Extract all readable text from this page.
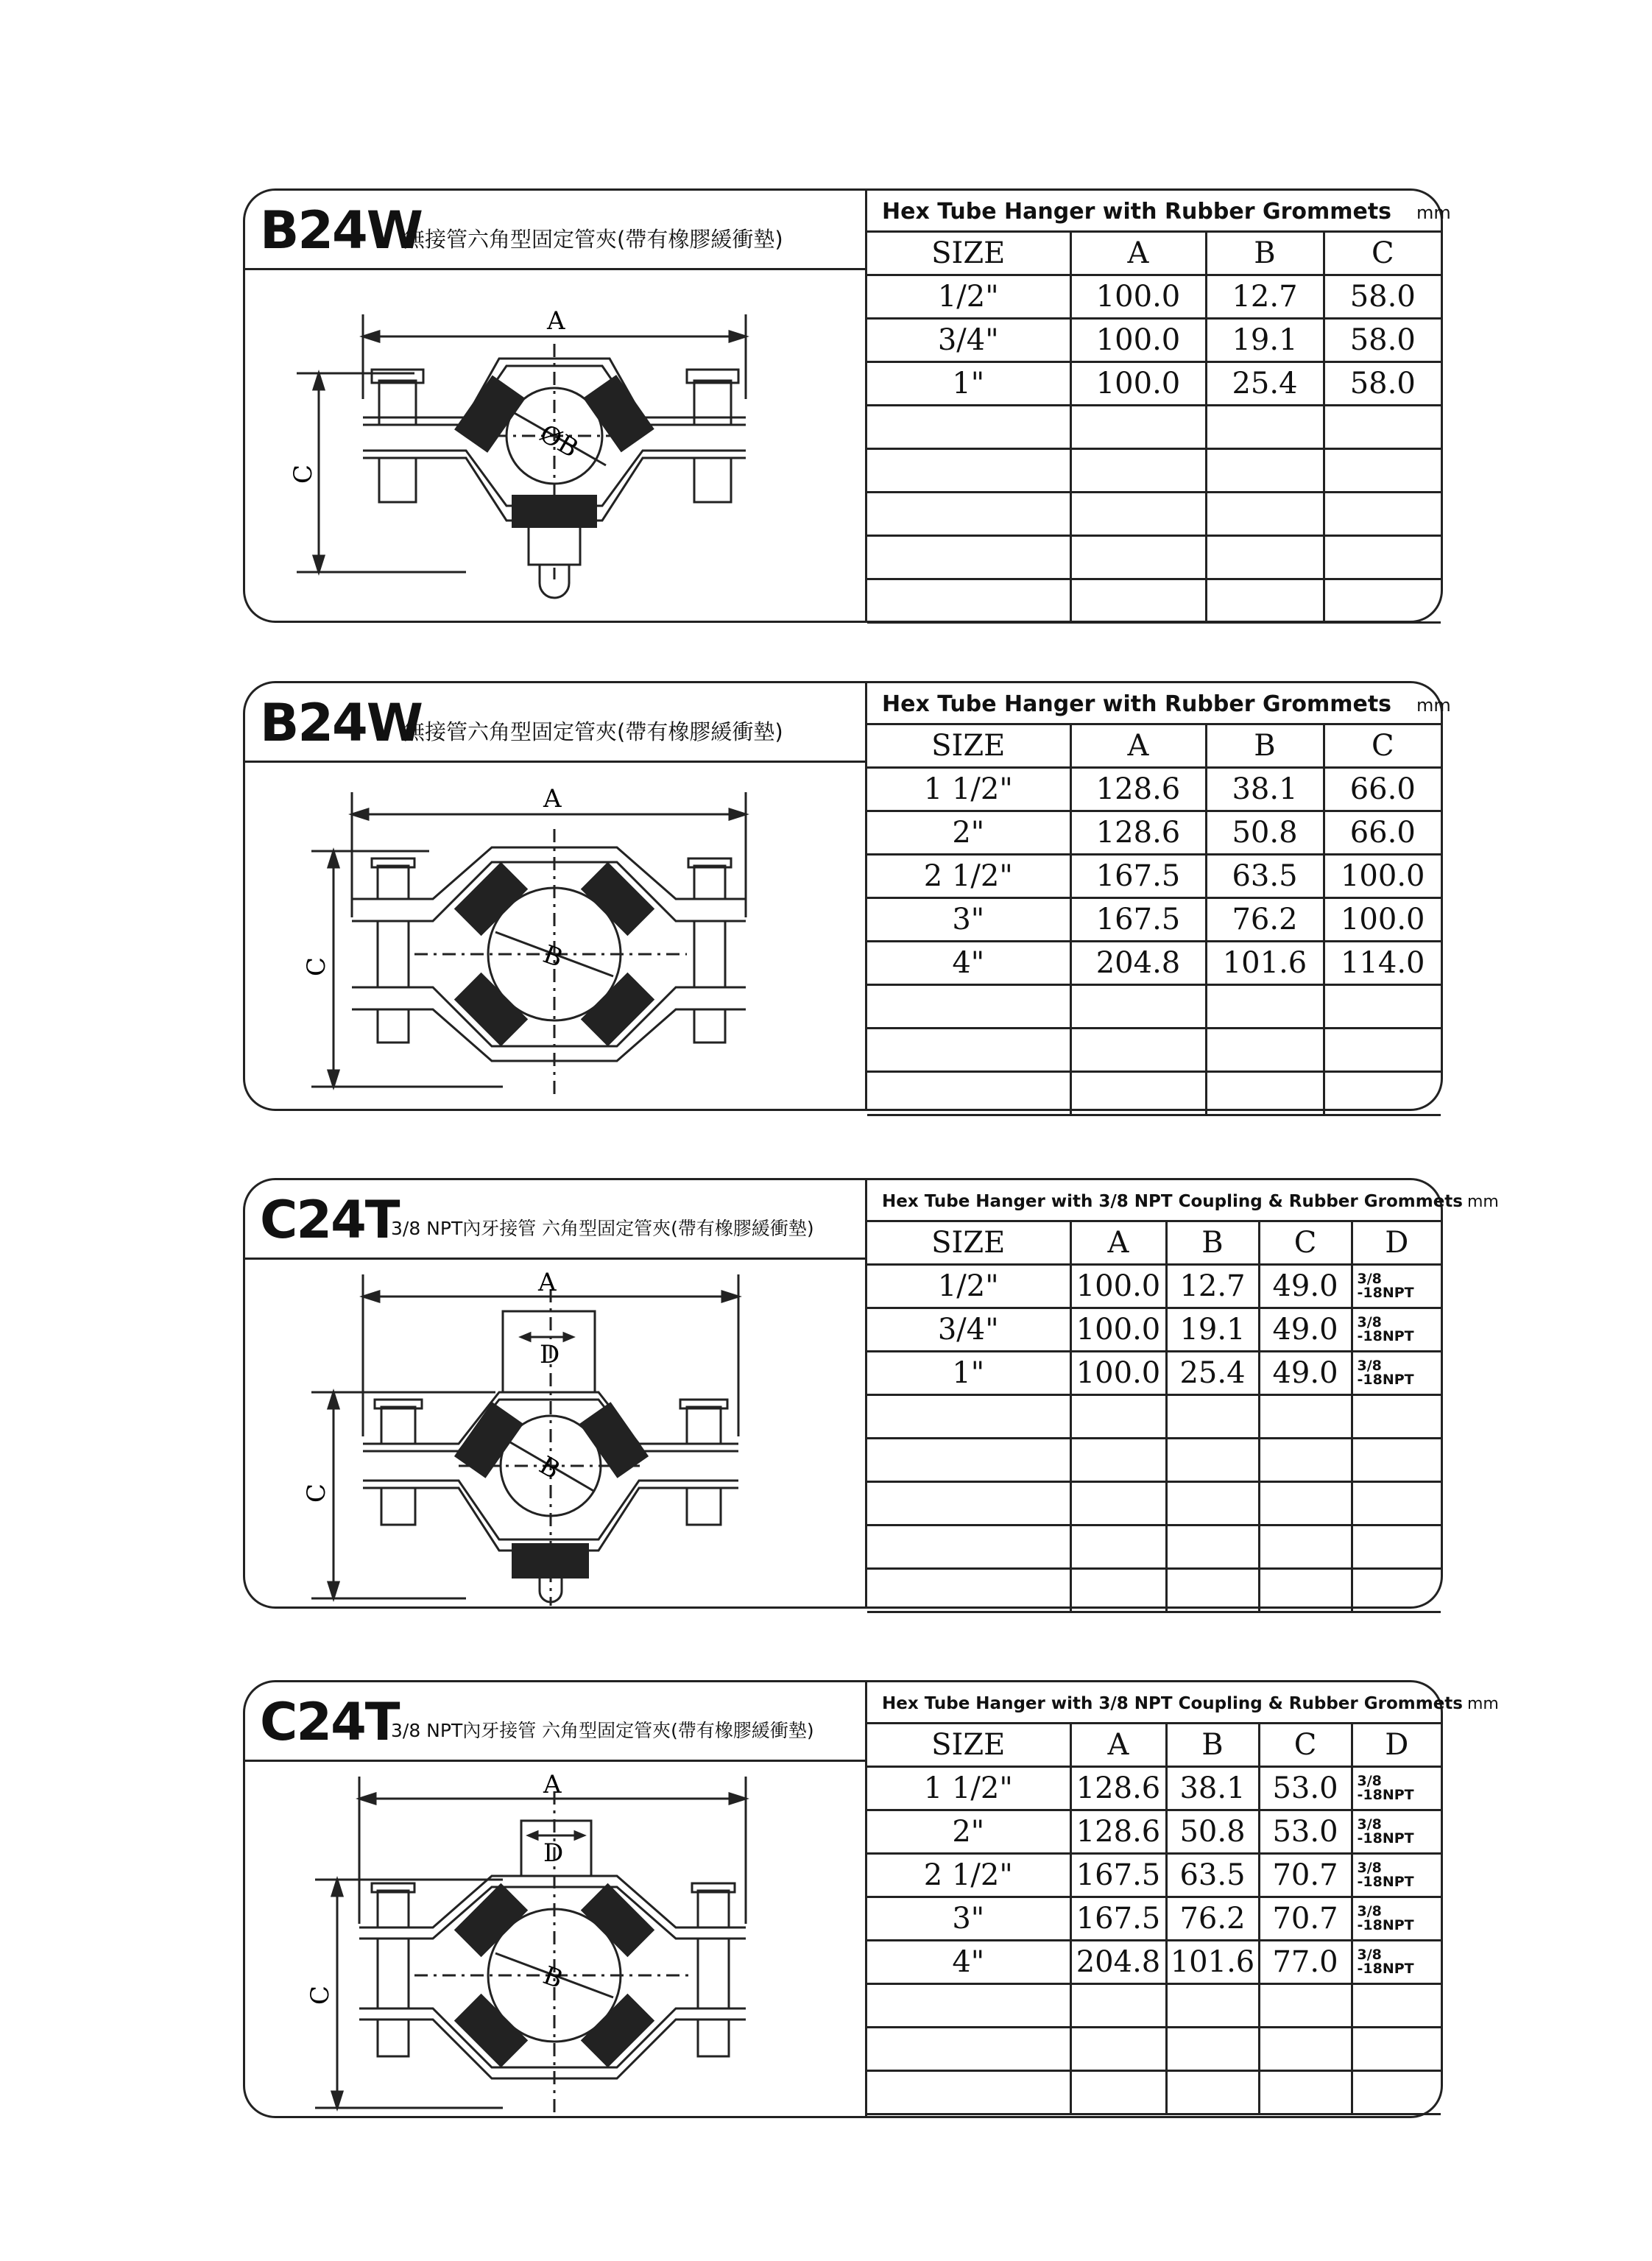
B24W
無接管六角型固定管夾(帶有橡膠緩衝墊)
A
C
ØB
Hex Tube Hanger with Rubber Grommets mm
SIZE	A	B	C
1/2"	100.0	12.7	58.0
3/4"	100.0	19.1	58.0
1"	100.0	25.4	58.0

B24W
無接管六角型固定管夾(帶有橡膠緩衝墊)
A
C	B
Hex Tube Hanger with Rubber Grommets mm
SIZE	A	B	C
1 1/2"	128.6	38.1	66.0
2"	128.6	50.8	66.0
2 1/2"	167.5	63.5	100.0
3"	167.5	76.2	100.0
4"	204.8	101.6	114.0

C24T
3/8 NPT內牙接管 六角型固定管夾(帶有橡膠緩衝墊)
A
D
C
B
Hex Tube Hanger with 3/8 NPT Coupling & Rubber Grommets mm
SIZE	A	B	C	D
1/2"	100.0	12.7	49.0	3/8
-18NPT
3/4"	100.0	19.1	49.0	3/8
-18NPT
1"	100.0	25.4	49.0	3/8
-18NPT

C24T
3/8 NPT內牙接管 六角型固定管夾(帶有橡膠緩衝墊)
A
D
C
B
Hex Tube Hanger with 3/8 NPT Coupling & Rubber Grommets mm
SIZE	A	B	C	D
1 1/2"	128.6	38.1	53.0	3/8
-18NPT
2"	128.6	50.8	53.0	3/8
-18NPT
2 1/2"	167.5	63.5	70.7	3/8
-18NPT
3"	167.5	76.2	70.7	3/8
-18NPT
4"	204.8	101.6	77.0	3/8
-18NPT
